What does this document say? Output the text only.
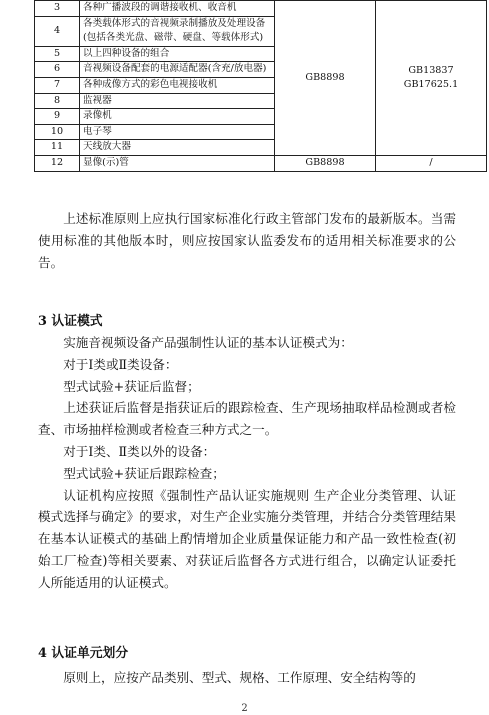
3	各种广播波段的调谐接收机、收音机	GB8898	GB13837
GB17625.1

4	各类载体形式的音视频录制播放及处理设备(包括各类光盘、磁带、硬盘、等载体形式)		
5	以上四种设备的组合		
6	音视频设备配套的电源适配器(含充/放电器)		
7	各种成像方式的彩色电视接收机		
8	监视器		
9	录像机		
10	电子琴		
11	天线放大器		
12	显像(示)管	GB8898	/

上述标准原则上应执行国家标准化行政主管部门发布的最新版本。当需使用标准的其他版本时，则应按国家认监委发布的适用相关标准要求的公告。

3 认证模式

实施音视频设备产品强制性认证的基本认证模式为：

对于Ⅰ类或Ⅱ类设备：

型式试验+获证后监督；

上述获证后监督是指获证后的跟踪检查、生产现场抽取样品检测或者检查、市场抽样检测或者检查三种方式之一。

对于Ⅰ类、Ⅱ类以外的设备：

型式试验+获证后跟踪检查；

认证机构应按照《强制性产品认证实施规则 生产企业分类管理、认证模式选择与确定》的要求，对生产企业实施分类管理，并结合分类管理结果在基本认证模式的基础上酌情增加企业质量保证能力和产品一致性检查(初始工厂检查)等相关要素、对获证后监督各方式进行组合，以确定认证委托人所能适用的认证模式。

4 认证单元划分

原则上，应按产品类别、型式、规格、工作原理、安全结构等的

2
